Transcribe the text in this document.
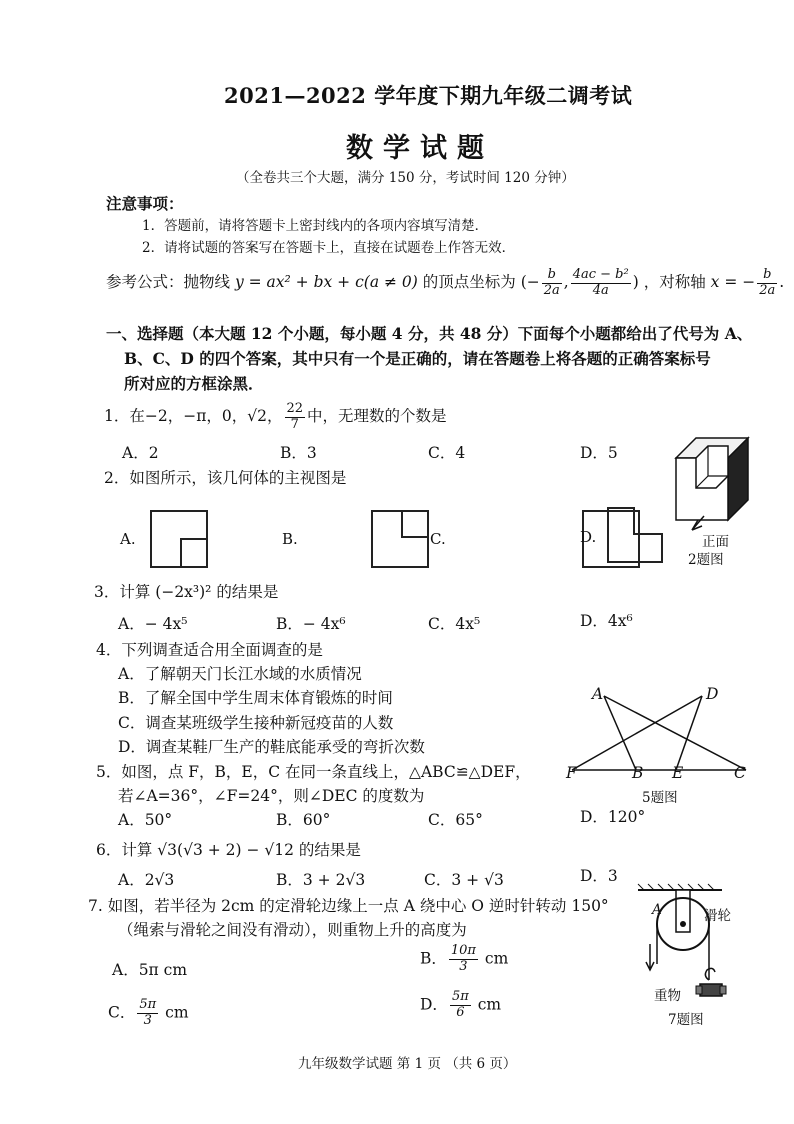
2021—2022 学年度下期九年级二调考试
数学试题
（全卷共三个大题，满分 150 分，考试时间 120 分钟）
注意事项：
1．答题前，请将答题卡上密封线内的各项内容填写清楚．
2．请将试题的答案写在答题卡上，直接在试题卷上作答无效．
参考公式：抛物线 y = ax² + bx + c(a ≠ 0) 的顶点坐标为 (− $\frac{b}{2a}$ , $\frac{\text{4ac − b²}}{4a}$ ) ，对称轴 x = − $\frac{b}{2a}$ .
一、选择题（本大题 12 个小题，每小题 4 分，共 48 分）下面每个小题都给出了代号为 A、
B、C、D 的四个答案，其中只有一个是正确的，请在答题卷上将各题的正确答案标号
所对应的方框涂黑．
1．在−2，−π，0，√2， $\frac{22}{7}$ 中，无理数的个数是
A．2	B．3	C．4	D．5
2．如图所示，该几何体的主视图是
A.
	B.
	C.	D.	正面
2题图
3．计算 (−2x³)² 的结果是
A．− 4x⁵	B．− 4x⁶	C．4x⁵	D．4x⁶
4．下列调查适合用全面调查的是
A．了解朝天门长江水域的水质情况
B．了解全国中学生周末体育锻炼的时间
C．调查某班级学生接种新冠疫苗的人数
D．调查某鞋厂生产的鞋底能承受的弯折次数
A	D
F	B E	C
5题图
5．如图，点 F，B，E，C 在同一条直线上，△ABC≌△DEF，
若∠A=36°，∠F=24°，则∠DEC 的度数为
A．50°	B．60°	C．65°	D．120°
6．计算 √3(√3 + 2) − √12 的结果是
A．2√3	B．3 + 2√3	C．3 + √3	D．3
7. 如图，若半径为 2cm 的定滑轮边缘上一点 A 绕中心 O 逆时针转动 150°
（绳索与滑轮之间没有滑动），则重物上升的高度为
A．5π cm
B． $\frac{10\pi}{3}$ cm
C． $\frac{5\pi}{3}$ cm	D． $\frac{5\pi}{6}$ cm
A	滑轮
重物
7题图
九年级数学试题 第 1 页 （共 6 页）
